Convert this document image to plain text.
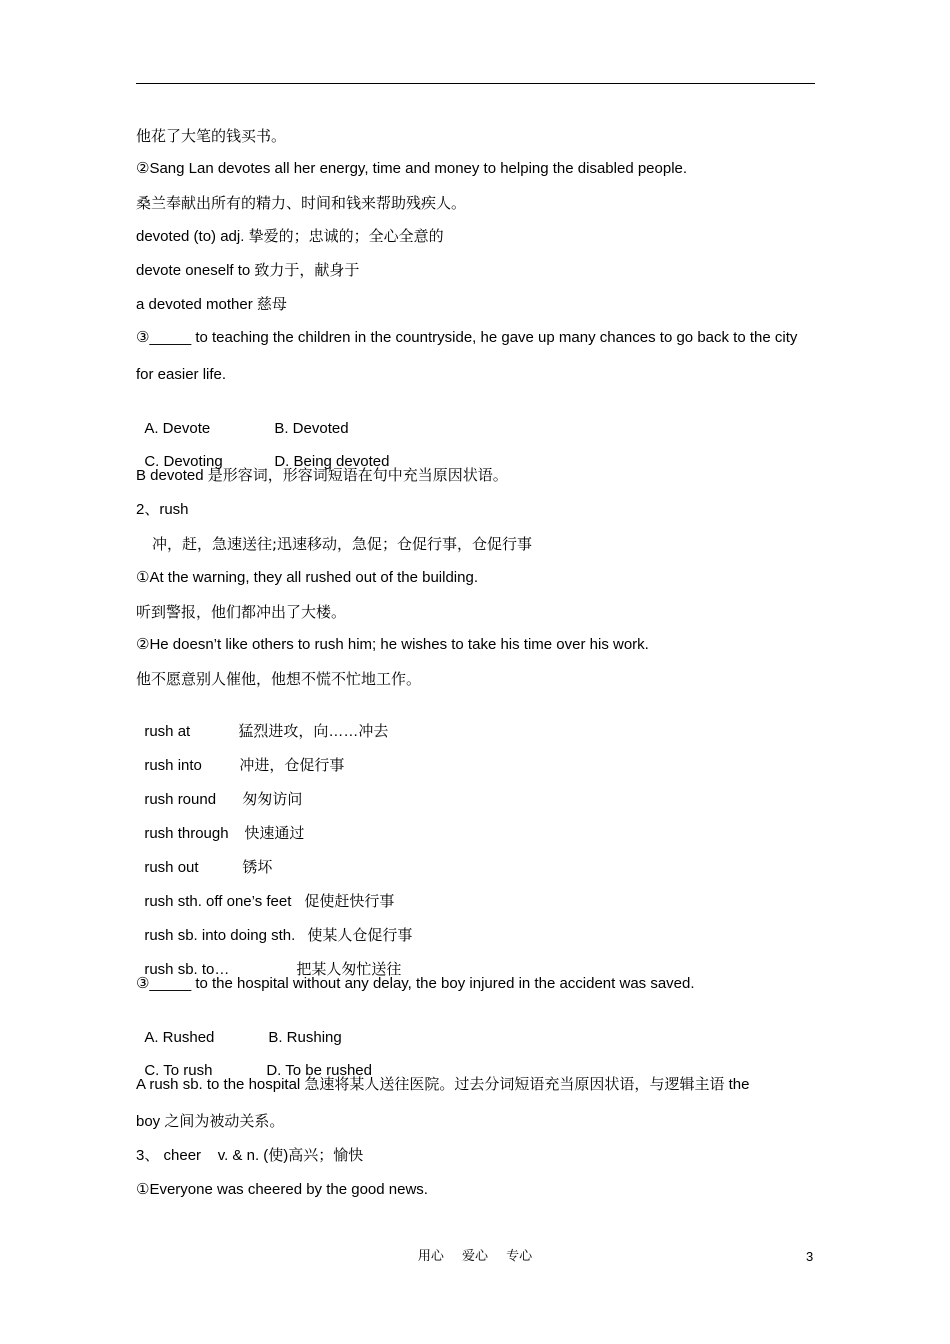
他花了大笔的钱买书。
②Sang Lan devotes all her energy, time and money to helping the disabled people.
桑兰奉献出所有的精力、时间和钱来帮助残疾人。
devoted (to) adj. 挚爱的；忠诚的；全心全意的
devote oneself to 致力于，献身于
a devoted mother 慈母
③_____ to teaching the children in the countryside, he gave up many chances to go back to the city
for easier life.

A. Devote	B. Devoted

C. Devoting	D. Being devoted

B devoted 是形容词，形容词短语在句中充当原因状语。
2、rush
冲，赶，急速送往;迅速移动，急促；仓促行事，仓促行事
①At the warning, they all rushed out of the building.
听到警报，他们都冲出了大楼。
②He doesn’t like others to rush him; he wishes to take his time over his work.
他不愿意别人催他，他想不慌不忙地工作。

rush at	猛烈进攻，向……冲去

rush into 冲进，仓促行事

rush round 匆匆访问

rush through 快速通过

rush out	锈坏

rush sth. off one’s feet 促使赶快行事

rush sb. into doing sth. 使某人仓促行事

rush sb. to…	把某人匆忙送往

③_____ to the hospital without any delay, the boy injured in the accident was saved.

A. Rushed	B. Rushing

C. To rush	D. To be rushed

A rush sb. to the hospital 急速将某人送往医院。过去分词短语充当原因状语，与逻辑主语 the
boy 之间为被动关系。
3、 cheer    v. & n. (使)高兴；愉快
①Everyone was cheered by the good news.
用心 爱心 专心	3
